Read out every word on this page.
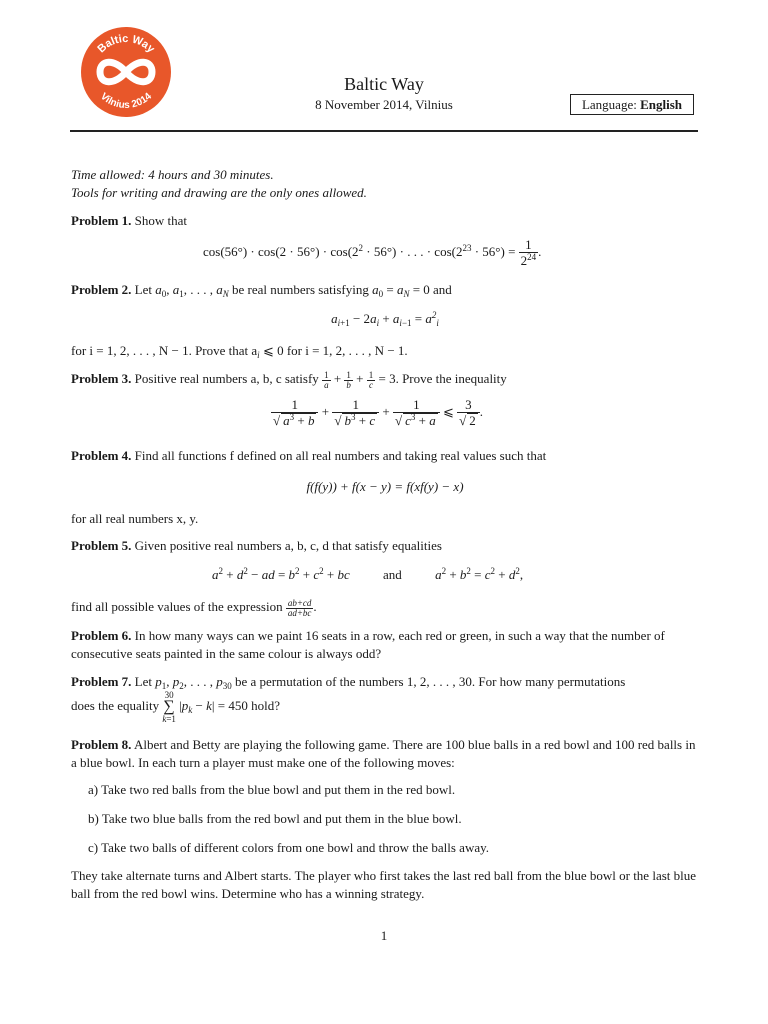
Baltic Way
Vilnius 2014
Baltic Way
8 November 2014, Vilnius	Language: English
Time allowed: 4 hours and 30 minutes.
Tools for writing and drawing are the only ones allowed.
Problem 1. Show that
$\cos(56^\circ) \cdot \cos(2 \cdot 56^\circ) \cdot \cos(2^2 \cdot 56^\circ)$ · . . . · $\cos(2^{23} \cdot 56^\circ) = \frac{1}{2^{24}}$ .
Problem 2. Let $a_0$, $a_1$, . . . , $a_N$ be real numbers satisfying $a_0 = a_N = 0$ and
$a_{i+1} - 2a_i + a_{i-1} = a^2_i$
for i = 1, 2, . . . , N − 1. Prove that $a_i$ ⩽ 0 for i = 1, 2, . . . , N − 1.
Problem 3. Positive real numbers a, b, c satisfy $\frac{1}{a} + \frac{1}{b} + \frac{1}{c} = 3$. Prove the inequality
$\frac{1}{√ a^3 + b} + \frac{1}{√ b^3 + c} + \frac{1}{√ c^3 + a}$ ⩽ $\frac{3}{√ 2}$ .
Problem 4. Find all functions f defined on all real numbers and taking real values such that
f(f(y)) + f(x − y) = f(xf(y) − x)
for all real numbers x, y.
Problem 5. Given positive real numbers a, b, c, d that satisfy equalities
$a^2 + d^2$ − ad = $b^2 + c^2$ + bc	and	$a^2 + b^2 = c^2 + d^2$,
find all possible values of the expression $\frac{ab+cd}{ad+bc}$ .
Problem 6. In how many ways can we paint 16 seats in a row, each red or green, in such a way that the number of consecutive seats painted in the same colour is always odd?
Problem 7. Let $p_1$, $p_2$, . . . , $p_{30}$ be a permutation of the numbers 1, 2, . . . , 30. For how many permutations
does the equality 30
∑
k=1 $|p_k - k| = 450$ hold?
Problem 8. Albert and Betty are playing the following game. There are 100 blue balls in a red bowl and 100 red balls in a blue bowl. In each turn a player must make one of the following moves:
a) Take two red balls from the blue bowl and put them in the red bowl.
b) Take two blue balls from the red bowl and put them in the blue bowl.
c) Take two balls of different colors from one bowl and throw the balls away.
They take alternate turns and Albert starts. The player who first takes the last red ball from the blue bowl or the last blue ball from the red bowl wins. Determine who has a winning strategy.
1
